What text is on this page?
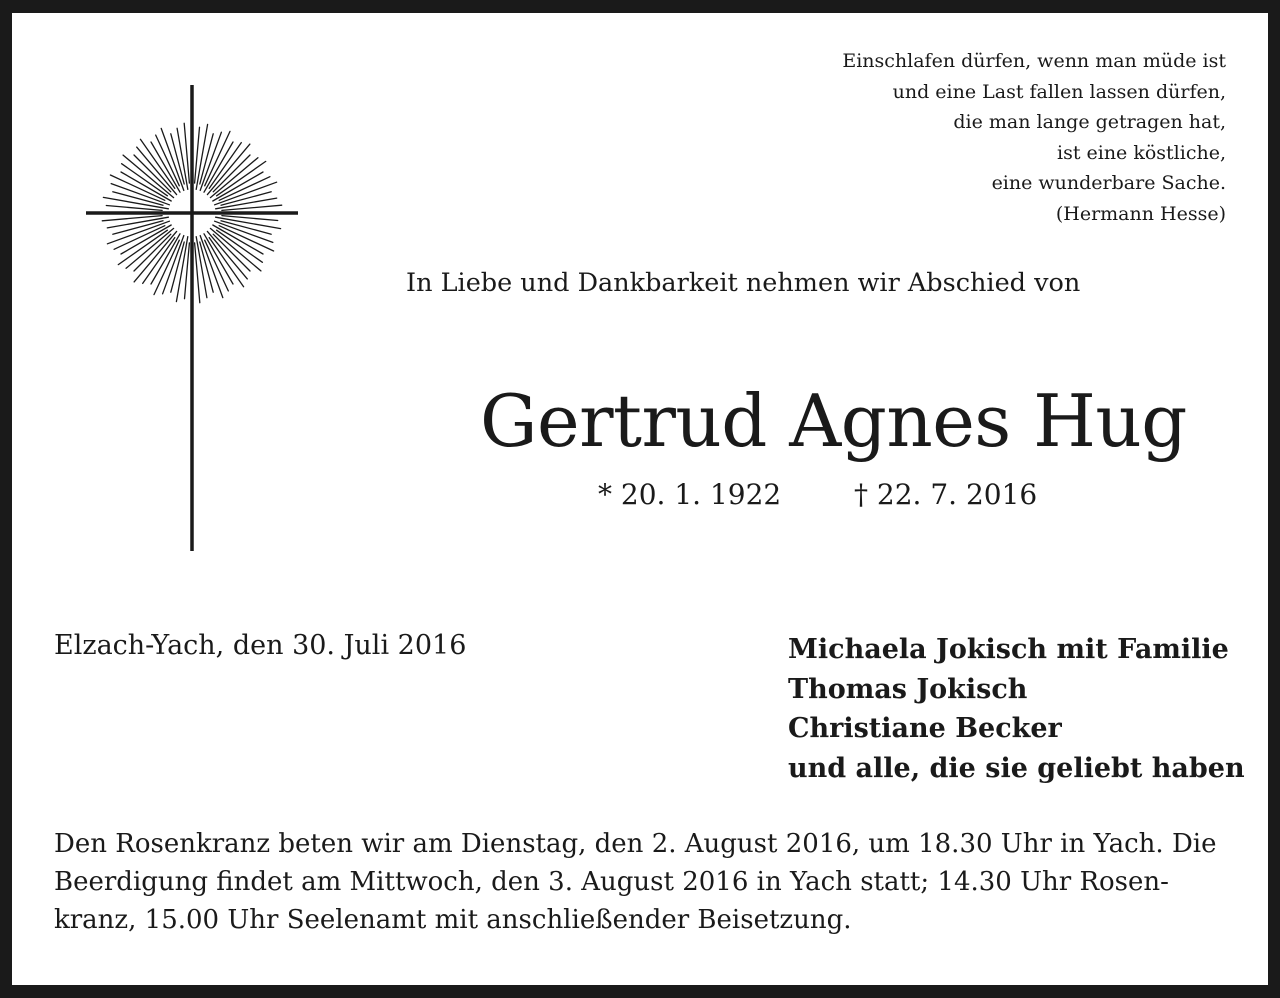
Einschlafen dürfen, wenn man müde ist
und eine Last fallen lassen dürfen,
die man lange getragen hat,
ist eine köstliche,
eine wunderbare Sache.
(Hermann Hesse)
In Liebe und Dankbarkeit nehmen wir Abschied von
Gertrud Agnes Hug
* 20. 1. 1922	† 22. 7. 2016
Elzach-Yach, den 30. Juli 2016	Michaela Jokisch mit Familie
Thomas Jokisch
Christiane Becker
und alle, die sie geliebt haben
Den Rosenkranz beten wir am Dienstag, den 2. August 2016, um 18.30 Uhr in Yach. Die
Beerdigung findet am Mittwoch, den 3. August 2016 in Yach statt; 14.30 Uhr Rosen-
kranz, 15.00 Uhr Seelenamt mit anschließender Beisetzung.
